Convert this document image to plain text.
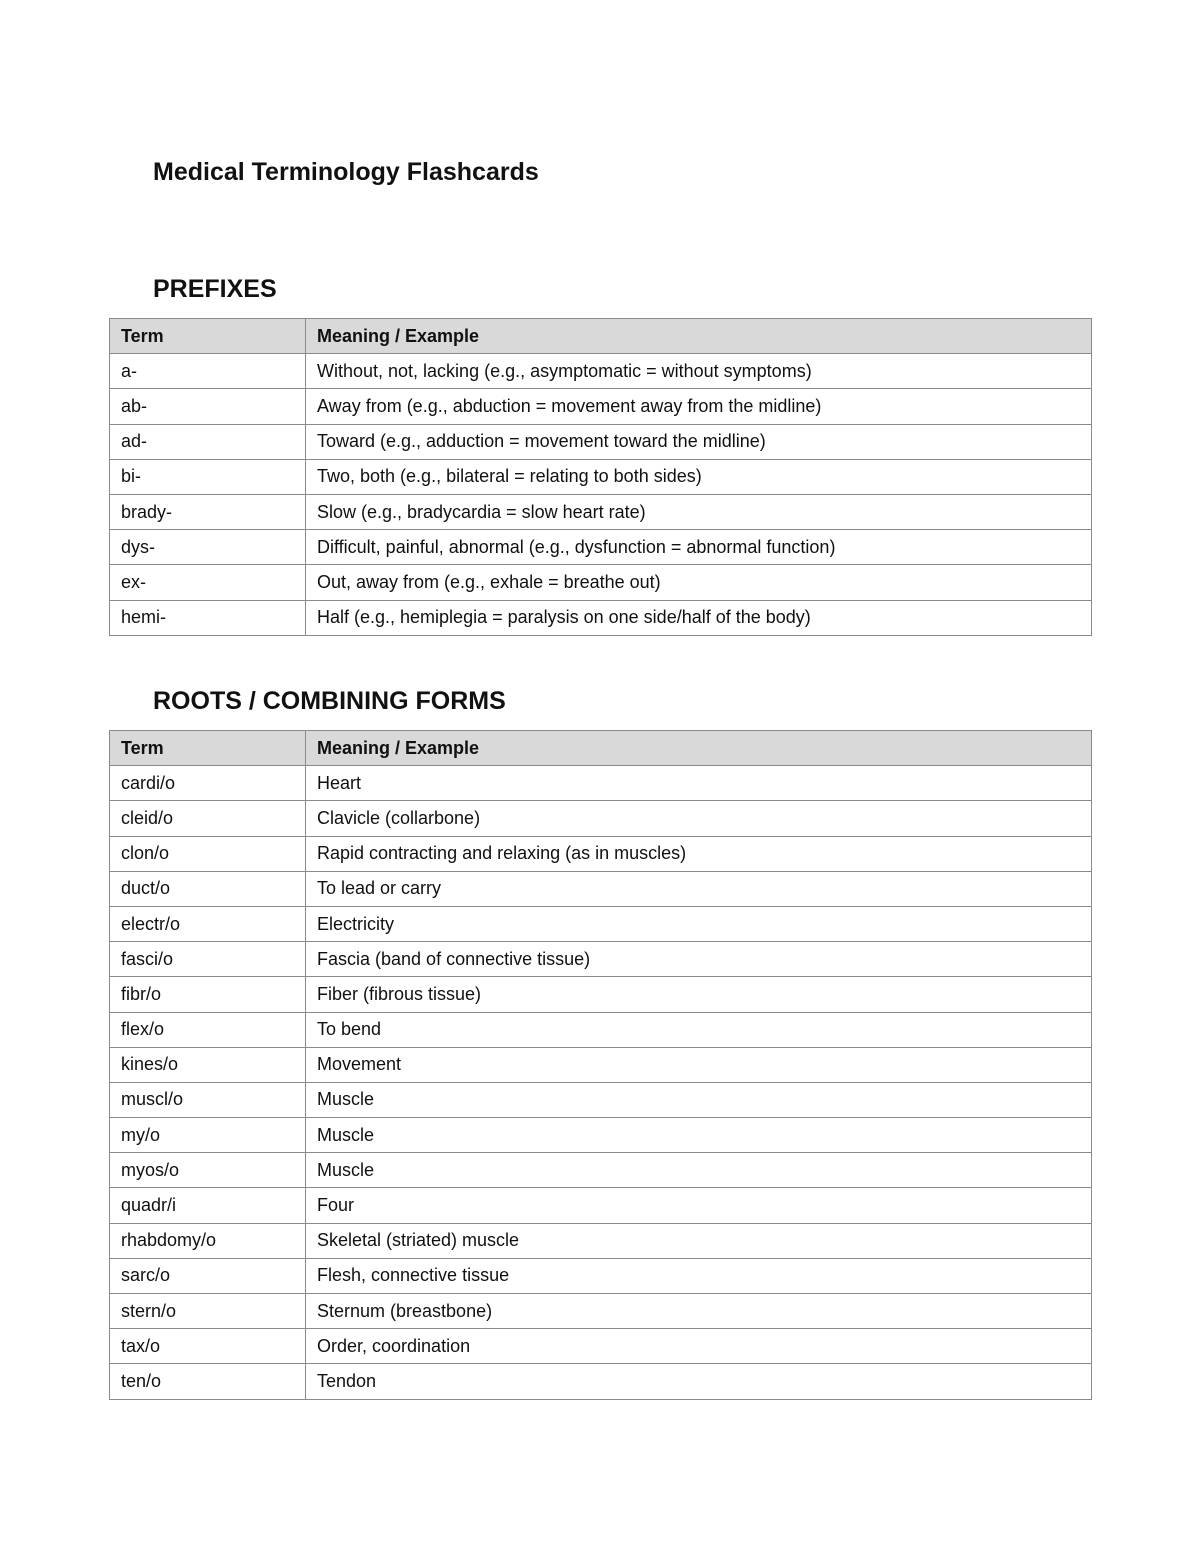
Medical Terminology Flashcards
PREFIXES
Term	Meaning / Example
a-	Without, not, lacking (e.g., asymptomatic = without symptoms)
ab-	Away from (e.g., abduction = movement away from the midline)
ad-	Toward (e.g., adduction = movement toward the midline)
bi-	Two, both (e.g., bilateral = relating to both sides)
brady-	Slow (e.g., bradycardia = slow heart rate)
dys-	Difficult, painful, abnormal (e.g., dysfunction = abnormal function)
ex-	Out, away from (e.g., exhale = breathe out)
hemi-	Half (e.g., hemiplegia = paralysis on one side/half of the body)
ROOTS / COMBINING FORMS
Term	Meaning / Example
cardi/o	Heart
cleid/o	Clavicle (collarbone)
clon/o	Rapid contracting and relaxing (as in muscles)
duct/o	To lead or carry
electr/o	Electricity
fasci/o	Fascia (band of connective tissue)
fibr/o	Fiber (fibrous tissue)
flex/o	To bend
kines/o	Movement
muscl/o	Muscle
my/o	Muscle
myos/o	Muscle
quadr/i	Four
rhabdomy/o	Skeletal (striated) muscle
sarc/o	Flesh, connective tissue
stern/o	Sternum (breastbone)
tax/o	Order, coordination
ten/o	Tendon
